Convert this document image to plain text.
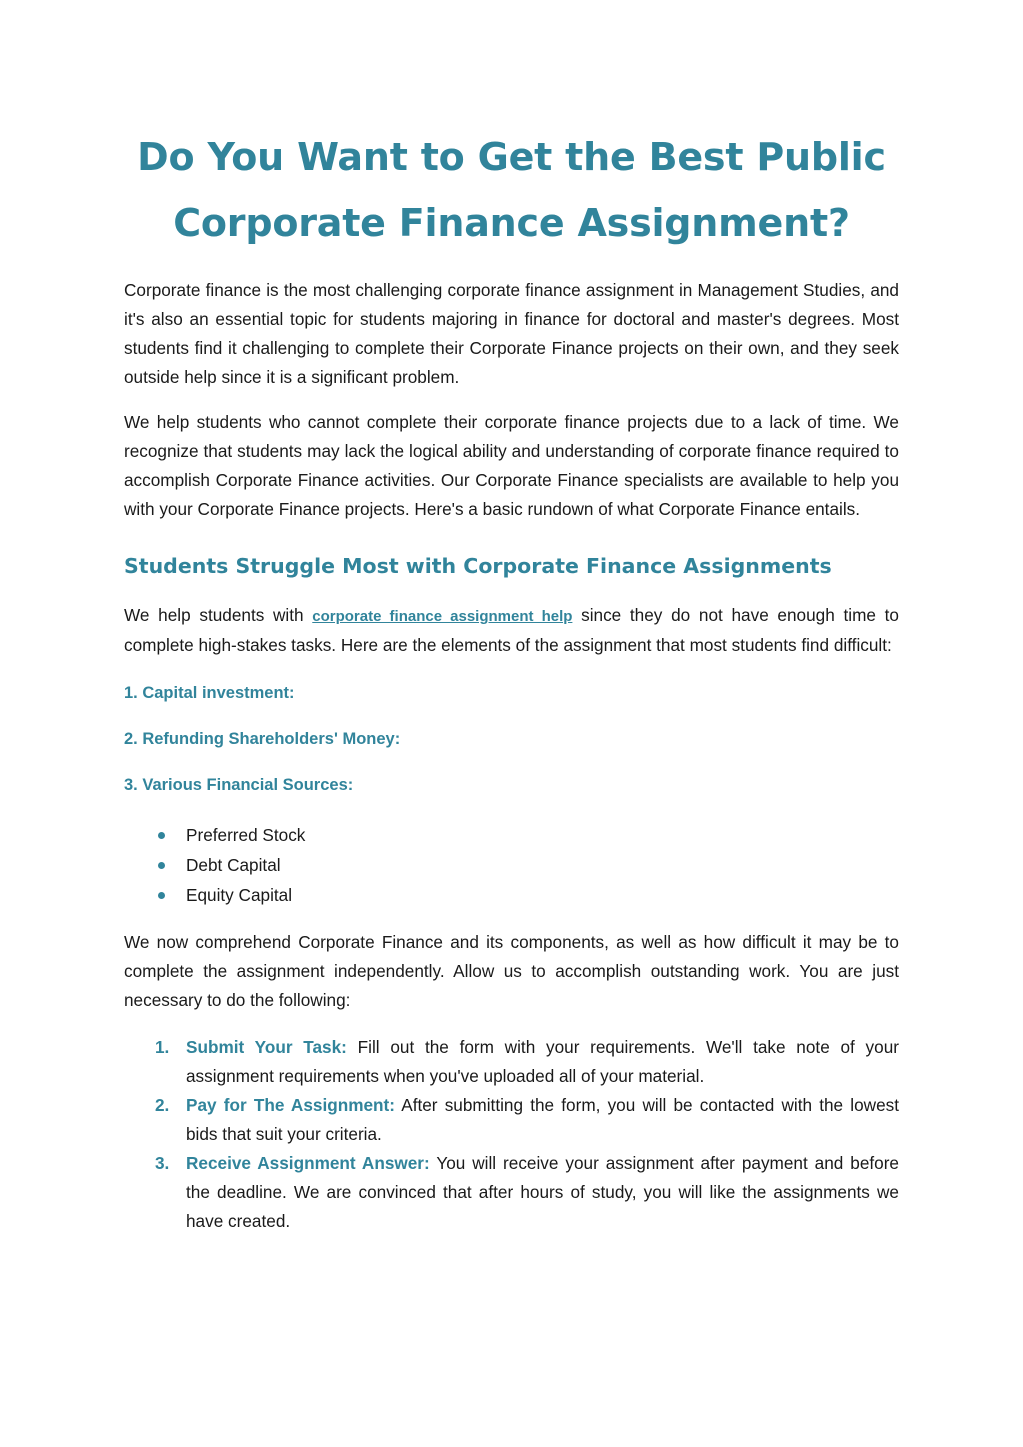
Do You Want to Get the Best Public
Corporate Finance Assignment?

Corporate finance is the most challenging corporate finance assignment in Management Studies, and it's also an essential topic for students majoring in finance for doctoral and master's degrees. Most students find it challenging to complete their Corporate Finance projects on their own, and they seek outside help since it is a significant problem.

We help students who cannot complete their corporate finance projects due to a lack of time. We recognize that students may lack the logical ability and understanding of corporate finance required to accomplish Corporate Finance activities. Our Corporate Finance specialists are available to help you with your Corporate Finance projects. Here's a basic rundown of what Corporate Finance entails.

Students Struggle Most with Corporate Finance Assignments

We help students with corporate finance assignment help since they do not have enough time to complete high-stakes tasks. Here are the elements of the assignment that most students find difficult:

1. Capital investment:

2. Refunding Shareholders' Money:

3. Various Financial Sources:

Preferred Stock
Debt Capital
Equity Capital

We now comprehend Corporate Finance and its components, as well as how difficult it may be to complete the assignment independently. Allow us to accomplish outstanding work. You are just necessary to do the following:

1. Submit Your Task: Fill out the form with your requirements. We'll take note of your assignment requirements when you've uploaded all of your material.
2. Pay for The Assignment: After submitting the form, you will be contacted with the lowest bids that suit your criteria.
3. Receive Assignment Answer: You will receive your assignment after payment and before the deadline. We are convinced that after hours of study, you will like the assignments we have created.
